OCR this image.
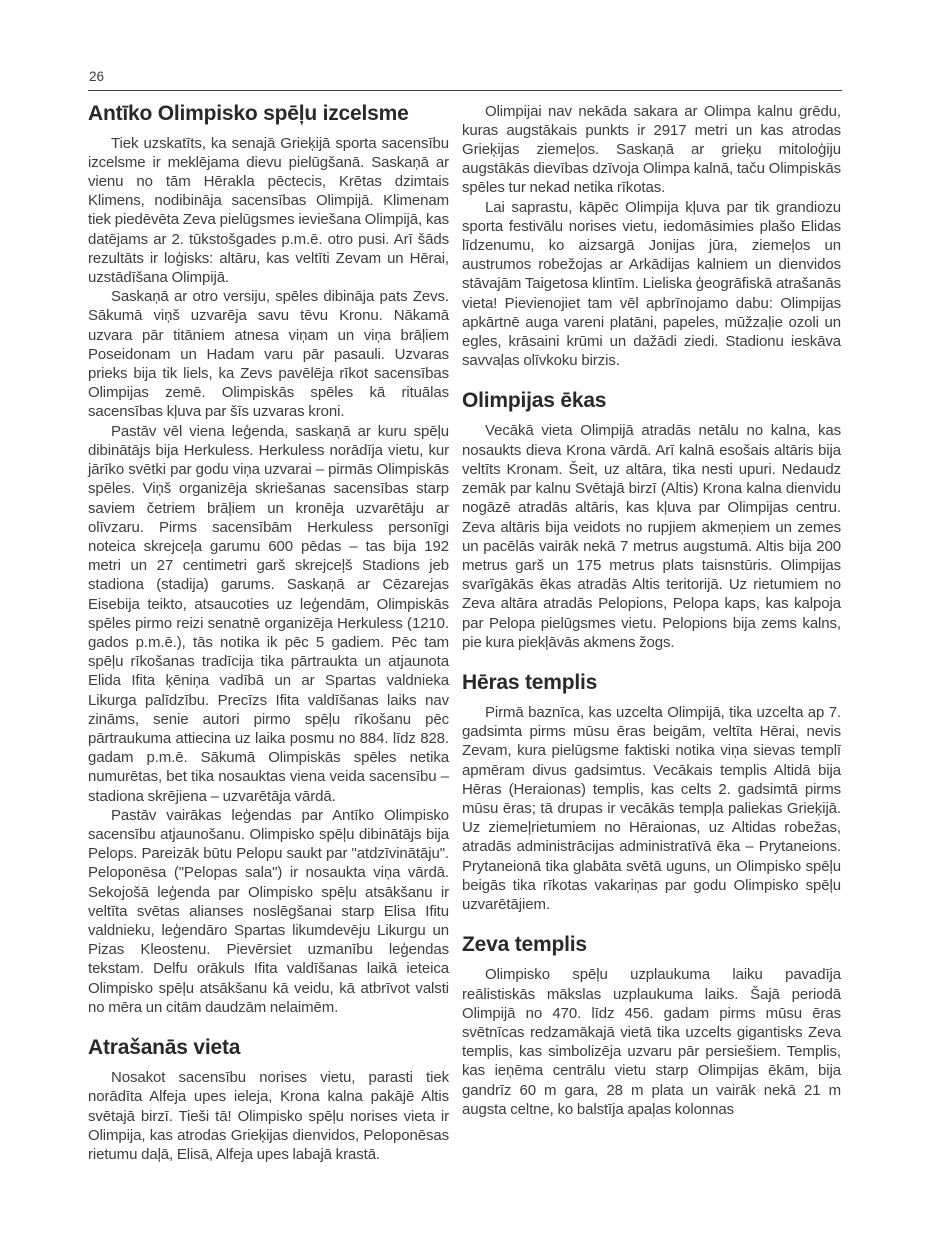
26
Antīko Olimpisko spēļu izcelsme

Tiek uzskatīts, ka senajā Grieķijā sporta sacensību izcelsme ir meklējama dievu pielūgšanā. Saskaņā ar vienu no tām Hērakla pēctecis, Krētas dzimtais Klimens, nodibināja sacensības Olimpijā. Klimenam tiek piedēvēta Zeva pielūgsmes ieviešana Olimpijā, kas datējams ar 2. tūkstošgades p.m.ē. otro pusi. Arī šāds rezultāts ir loģisks: altāru, kas veltīti Zevam un Hērai, uzstādīšana Olimpijā.

Saskaņā ar otro versiju, spēles dibināja pats Zevs. Sākumā viņš uzvarēja savu tēvu Kronu. Nākamā uzvara pār titāniem atnesa viņam un viņa brāļiem Poseidonam un Hadam varu pār pasauli. Uzvaras prieks bija tik liels, ka Zevs pavēlēja rīkot sacensības Olimpijas zemē. Olimpiskās spēles kā rituālas sacensības kļuva par šīs uzvaras kroni.

Pastāv vēl viena leģenda, saskaņā ar kuru spēļu dibinātājs bija Herkuless. Herkuless norādīja vietu, kur jārīko svētki par godu viņa uzvarai – pirmās Olimpiskās spēles. Viņš organizēja skriešanas sacensības starp saviem četriem brāļiem un kronēja uzvarētāju ar olīvzaru. Pirms sacensībām Herkuless personīgi noteica skrejceļa garumu 600 pēdas – tas bija 192 metri un 27 centimetri garš skrejceļš Stadions jeb stadiona (stadija) garums. Saskaņā ar Cēzarejas Eisebija teikto, atsaucoties uz leģendām, Olimpiskās spēles pirmo reizi senatnē organizēja Herkuless (1210. gados p.m.ē.), tās notika ik pēc 5 gadiem. Pēc tam spēļu rīkošanas tradīcija tika pārtraukta un atjaunota Elida Ifita ķēniņa vadībā un ar Spartas valdnieka Likurga palīdzību. Precīzs Ifita valdīšanas laiks nav zināms, senie autori pirmo spēļu rīkošanu pēc pārtraukuma attiecina uz laika posmu no 884. līdz 828. gadam p.m.ē. Sākumā Olimpiskās spēles netika numurētas, bet tika nosauktas viena veida sacensību – stadiona skrējiena – uzvarētāja vārdā.

Pastāv vairākas leģendas par Antīko Olimpisko sacensību atjaunošanu. Olimpisko spēļu dibinātājs bija Pelops. Pareizāk būtu Pelopu saukt par "atdzīvinātāju". Peloponēsa ("Pelopas sala") ir nosaukta viņa vārdā. Sekojošā leģenda par Olimpisko spēļu atsākšanu ir veltīta svētas alianses noslēgšanai starp Elisa Ifitu valdnieku, leģendāro Spartas likumdevēju Likurgu un Pizas Kleostenu. Pievērsiet uzmanību leģendas tekstam. Delfu orākuls Ifita valdīšanas laikā ieteica Olimpisko spēļu atsākšanu kā veidu, kā atbrīvot valsti no mēra un citām daudzām nelaimēm.

Atrašanās vieta

Nosakot sacensību norises vietu, parasti tiek norādīta Alfeja upes ieleja, Krona kalna pakājē Altis svētajā birzī. Tieši tā! Olimpisko spēļu norises vieta ir Olimpija, kas atrodas Grieķijas dienvidos, Peloponēsas rietumu daļā, Elisā, Alfeja upes labajā krastā.

Olimpijai nav nekāda sakara ar Olimpa kalnu grēdu, kuras augstākais punkts ir 2917 metri un kas atrodas Grieķijas ziemeļos. Saskaņā ar grieķu mitoloģiju augstākās dievības dzīvoja Olimpa kalnā, taču Olimpiskās spēles tur nekad netika rīkotas.

Lai saprastu, kāpēc Olimpija kļuva par tik grandiozu sporta festivālu norises vietu, iedomāsimies plašo Elidas līdzenumu, ko aizsargā Jonijas jūra, ziemeļos un austrumos robežojas ar Arkādijas kalniem un dienvidos stāvajām Taigetosa klintīm. Lieliska ģeogrāfiskā atrašanās vieta! Pievienojiet tam vēl apbrīnojamo dabu: Olimpijas apkārtnē auga vareni platāni, papeles, mūžzaļie ozoli un egles, krāsaini krūmi un dažādi ziedi. Stadionu ieskāva savvaļas olīvkoku birzis.

Olimpijas ēkas

Vecākā vieta Olimpijā atradās netālu no kalna, kas nosaukts dieva Krona vārdā. Arī kalnā esošais altāris bija veltīts Kronam. Šeit, uz altāra, tika nesti upuri. Nedaudz zemāk par kalnu Svētajā birzī (Altis) Krona kalna dienvidu nogāzē atradās altāris, kas kļuva par Olimpijas centru. Zeva altāris bija veidots no rupjiem akmeņiem un zemes un pacēlās vairāk nekā 7 metrus augstumā. Altis bija 200 metrus garš un 175 metrus plats taisnstūris. Olimpijas svarīgākās ēkas atradās Altis teritorijā. Uz rietumiem no Zeva altāra atradās Pelopions, Pelopa kaps, kas kalpoja par Pelopa pielūgsmes vietu. Pelopions bija zems kalns, pie kura piekļāvās akmens žogs.

Hēras templis

Pirmā baznīca, kas uzcelta Olimpijā, tika uzcelta ap 7. gadsimta pirms mūsu ēras beigām, veltīta Hērai, nevis Zevam, kura pielūgsme faktiski notika viņa sievas templī apmēram divus gadsimtus. Vecākais templis Altidā bija Hēras (Heraionas) templis, kas celts 2. gadsimtā pirms mūsu ēras; tā drupas ir vecākās tempļa paliekas Grieķijā. Uz ziemeļrietumiem no Hēraionas, uz Altidas robežas, atradās administrācijas administratīvā ēka – Prytaneions. Prytaneionā tika glabāta svētā uguns, un Olimpisko spēļu beigās tika rīkotas vakariņas par godu Olimpisko spēļu uzvarētājiem.

Zeva templis

Olimpisko spēļu uzplaukuma laiku pavadīja reālistiskās mākslas uzplaukuma laiks. Šajā periodā Olimpijā no 470. līdz 456. gadam pirms mūsu ēras svētnīcas redzamākajā vietā tika uzcelts gigantisks Zeva templis, kas simbolizēja uzvaru pār persiešiem. Templis, kas ieņēma centrālu vietu starp Olimpijas ēkām, bija gandrīz 60 m gara, 28 m plata un vairāk nekā 21 m augsta celtne, ko balstīja apaļas kolonnas
